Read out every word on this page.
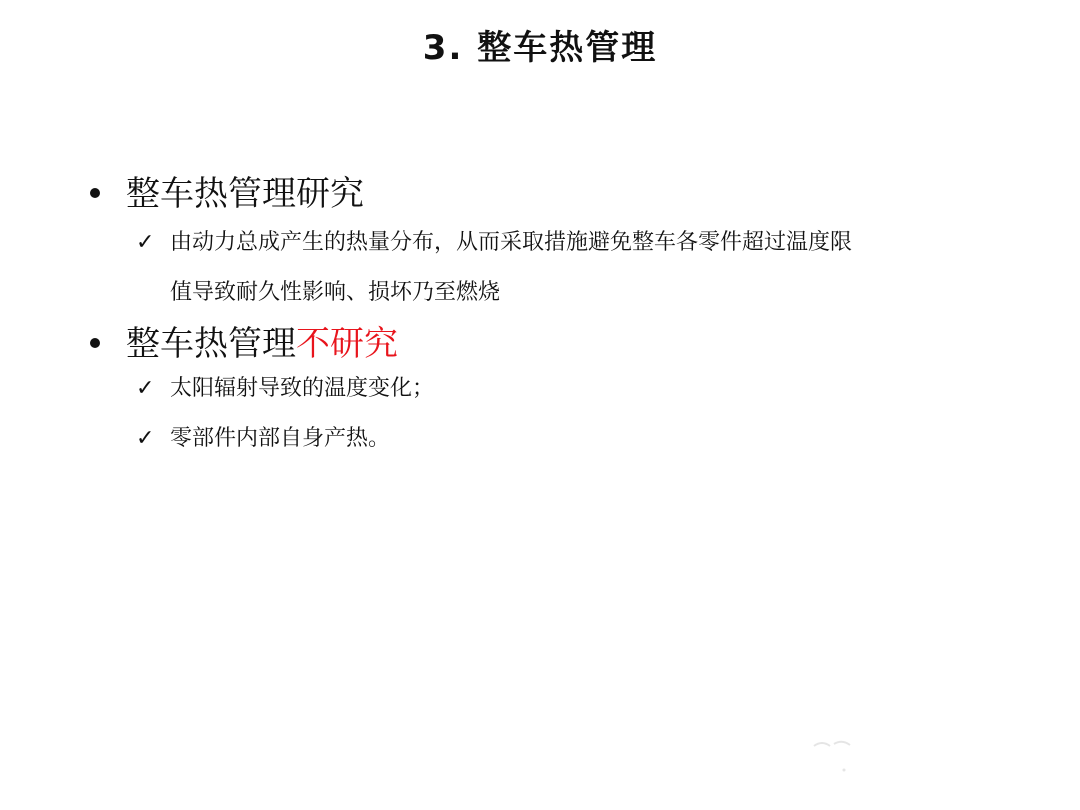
3. 整车热管理
整车热管理研究
✓ 由动力总成产生的热量分布，从而采取措施避免整车各零件超过温度限
值导致耐久性影响、损坏乃至燃烧
整车热管理不研究
✓ 太阳辐射导致的温度变化；
✓ 零部件内部自身产热。
